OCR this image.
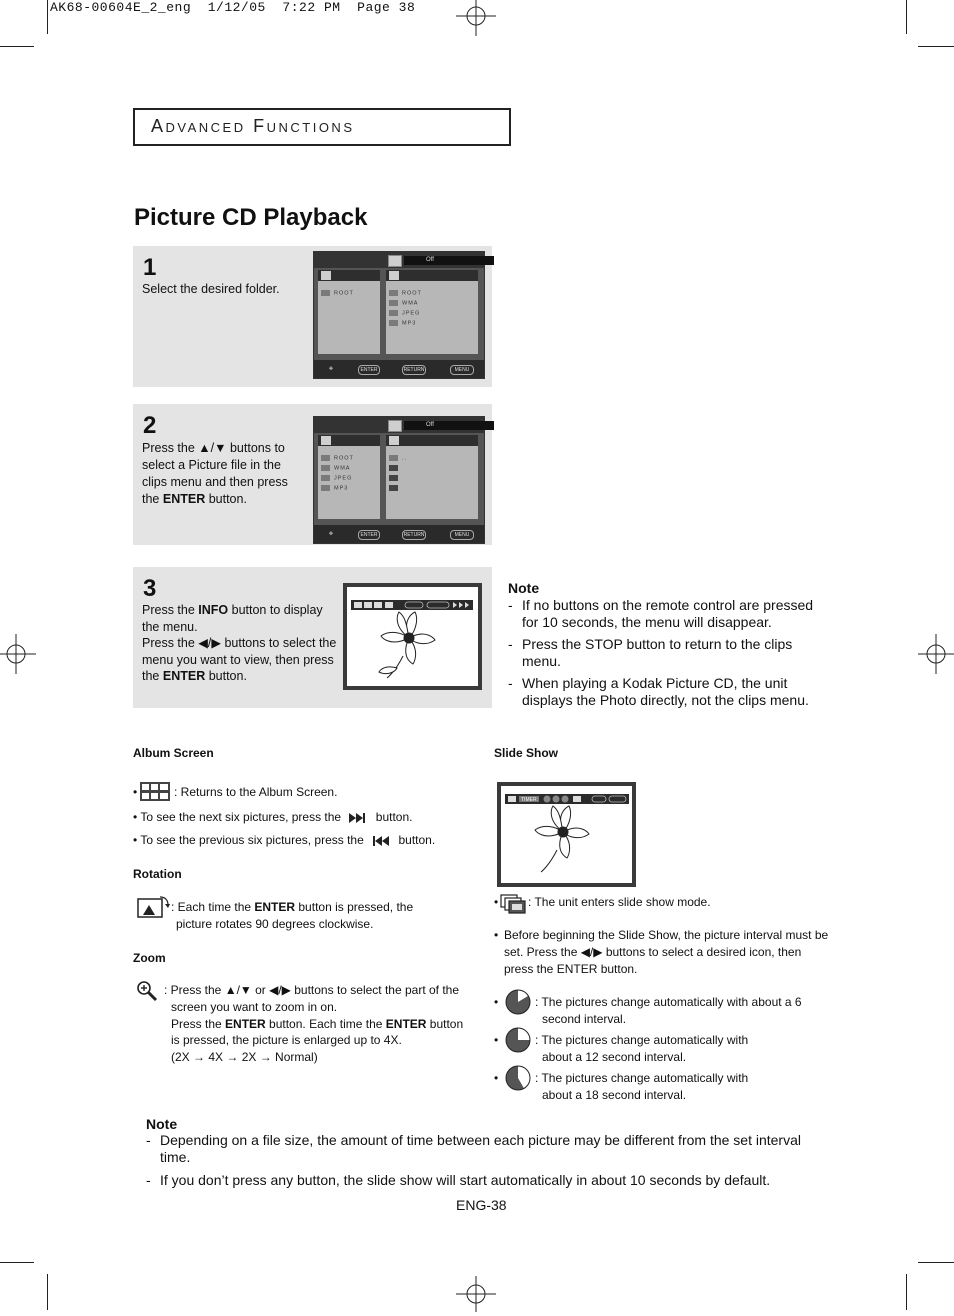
AK68-00604E_2_eng  1/12/05  7:22 PM  Page 38
Advanced Functions
Picture CD Playback
1
Select the desired folder.
Off
ROOT	ROOT
WMA
JPEG
MP3
✥	ENTER	RETURN	MENU
2
Press the ▲/▼ buttons to
select a Picture file in the
clips menu and then press
the ENTER button.
Off
ROOT
WMA
JPEG
MP3
..
✥	ENTER	RETURN	MENU
3
Press the INFO button to display
the menu.
Press the ◀/▶ buttons to select the
menu you want to view, then press
the ENTER button.
Note
- If no buttons on the remote control are pressed
for 10 seconds, the menu will disappear.
- Press the STOP button to return to the clips
menu.
- When playing a Kodak Picture CD, the unit
displays the Photo directly, not the clips menu.
Album Screen
•	: Returns to the Album Screen.
• To see the next six pictures, press the	button.
• To see the previous six pictures, press the	button.
Rotation
: Each time the ENTER button is pressed, the
picture rotates 90 degrees clockwise.
Zoom
: Press the ▲/▼ or ◀/▶ buttons to select the part of the
screen you want to zoom in on.
Press the ENTER button. Each time the ENTER button
is pressed, the picture is enlarged up to 4X.
(2X → 4X → 2X → Normal)
Slide Show
TIMER:
• : The unit enters slide show mode.
• Before beginning the Slide Show, the picture interval must be
set. Press the ◀/▶ buttons to select a desired icon, then
press the ENTER button.
•	: The pictures change automatically with about a 6
second interval.
•	: The pictures change automatically with
about a 12 second interval.
•	: The pictures change automatically with
about a 18 second interval.
Note
- Depending on a file size, the amount of time between each picture may be different from the set interval
time.
- If you don’t press any button, the slide show will start automatically in about 10 seconds by default.
ENG-38
